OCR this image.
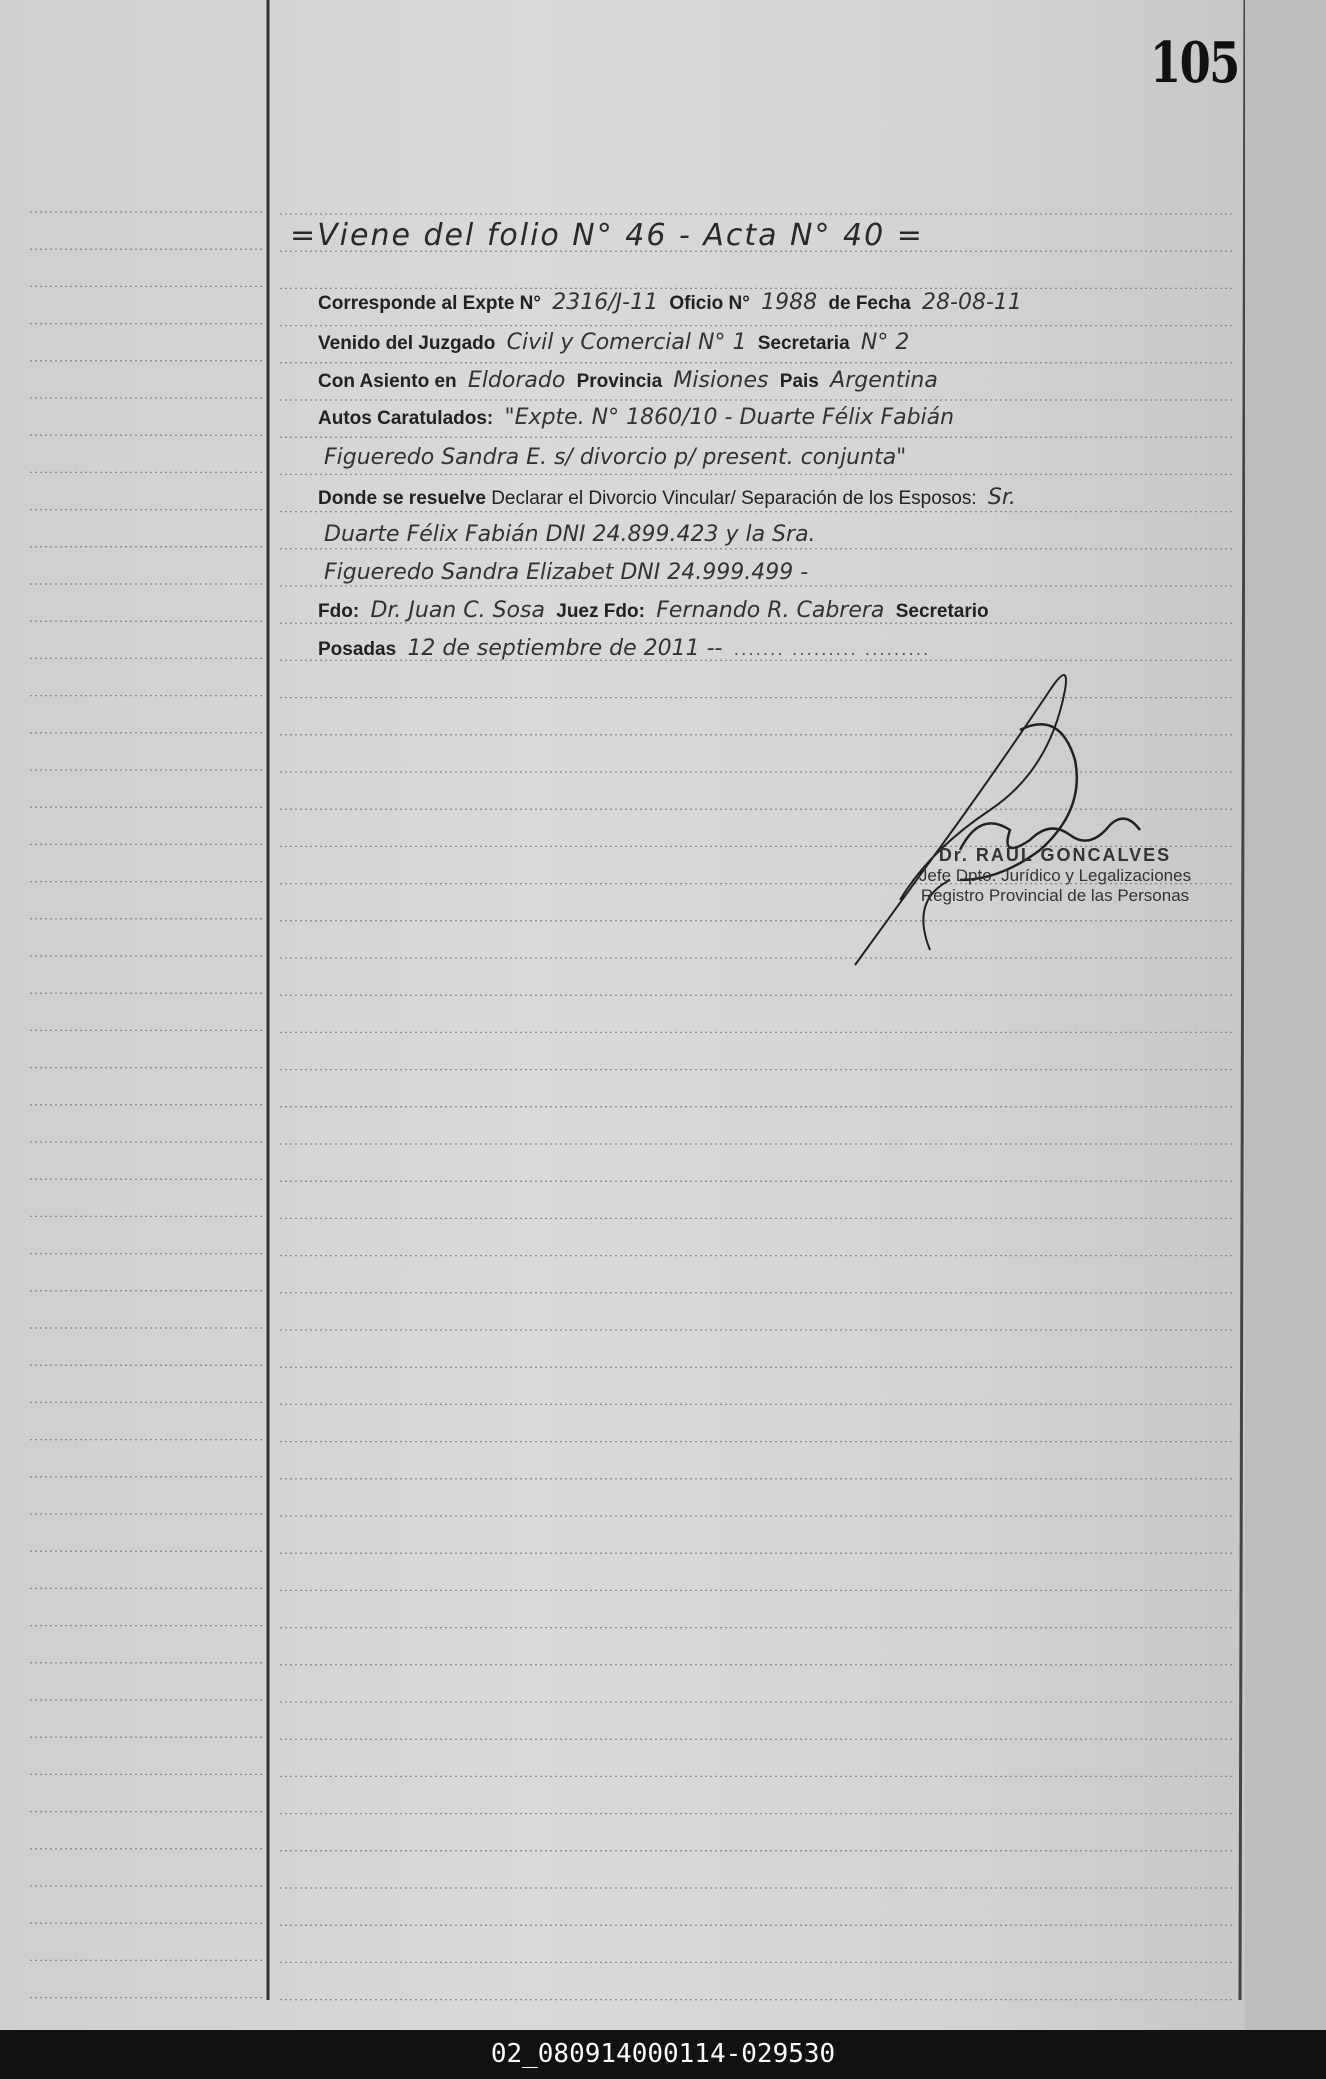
105
=Viene del folio N° 46 - Acta N° 40 =
Corresponde al Expte N° 2316/J-11 Oficio N° 1988 de Fecha 28-08-11
Venido del Juzgado Civil y Comercial N° 1 Secretaria N° 2
Con Asiento en Eldorado Provincia Misiones Pais Argentina
Autos Caratulados: "Expte. N° 1860/10 - Duarte Félix Fabián
Figueredo Sandra E. s/ divorcio p/ present. conjunta"
Donde se resuelve Declarar el Divorcio Vincular/ Separación de los Esposos: Sr.
Duarte Félix Fabián DNI 24.899.423 y la Sra.
Figueredo Sandra Elizabet DNI 24.999.499 -
Fdo: Dr. Juan C. Sosa Juez Fdo: Fernando R. Cabrera Secretario
Posadas 12 de septiembre de 2011 -- ....... ......... .........
Dr. RAUL GONCALVES
Jefe Dpto. Jurídico y Legalizaciones
Registro Provincial de las Personas
02_080914000114-029530
